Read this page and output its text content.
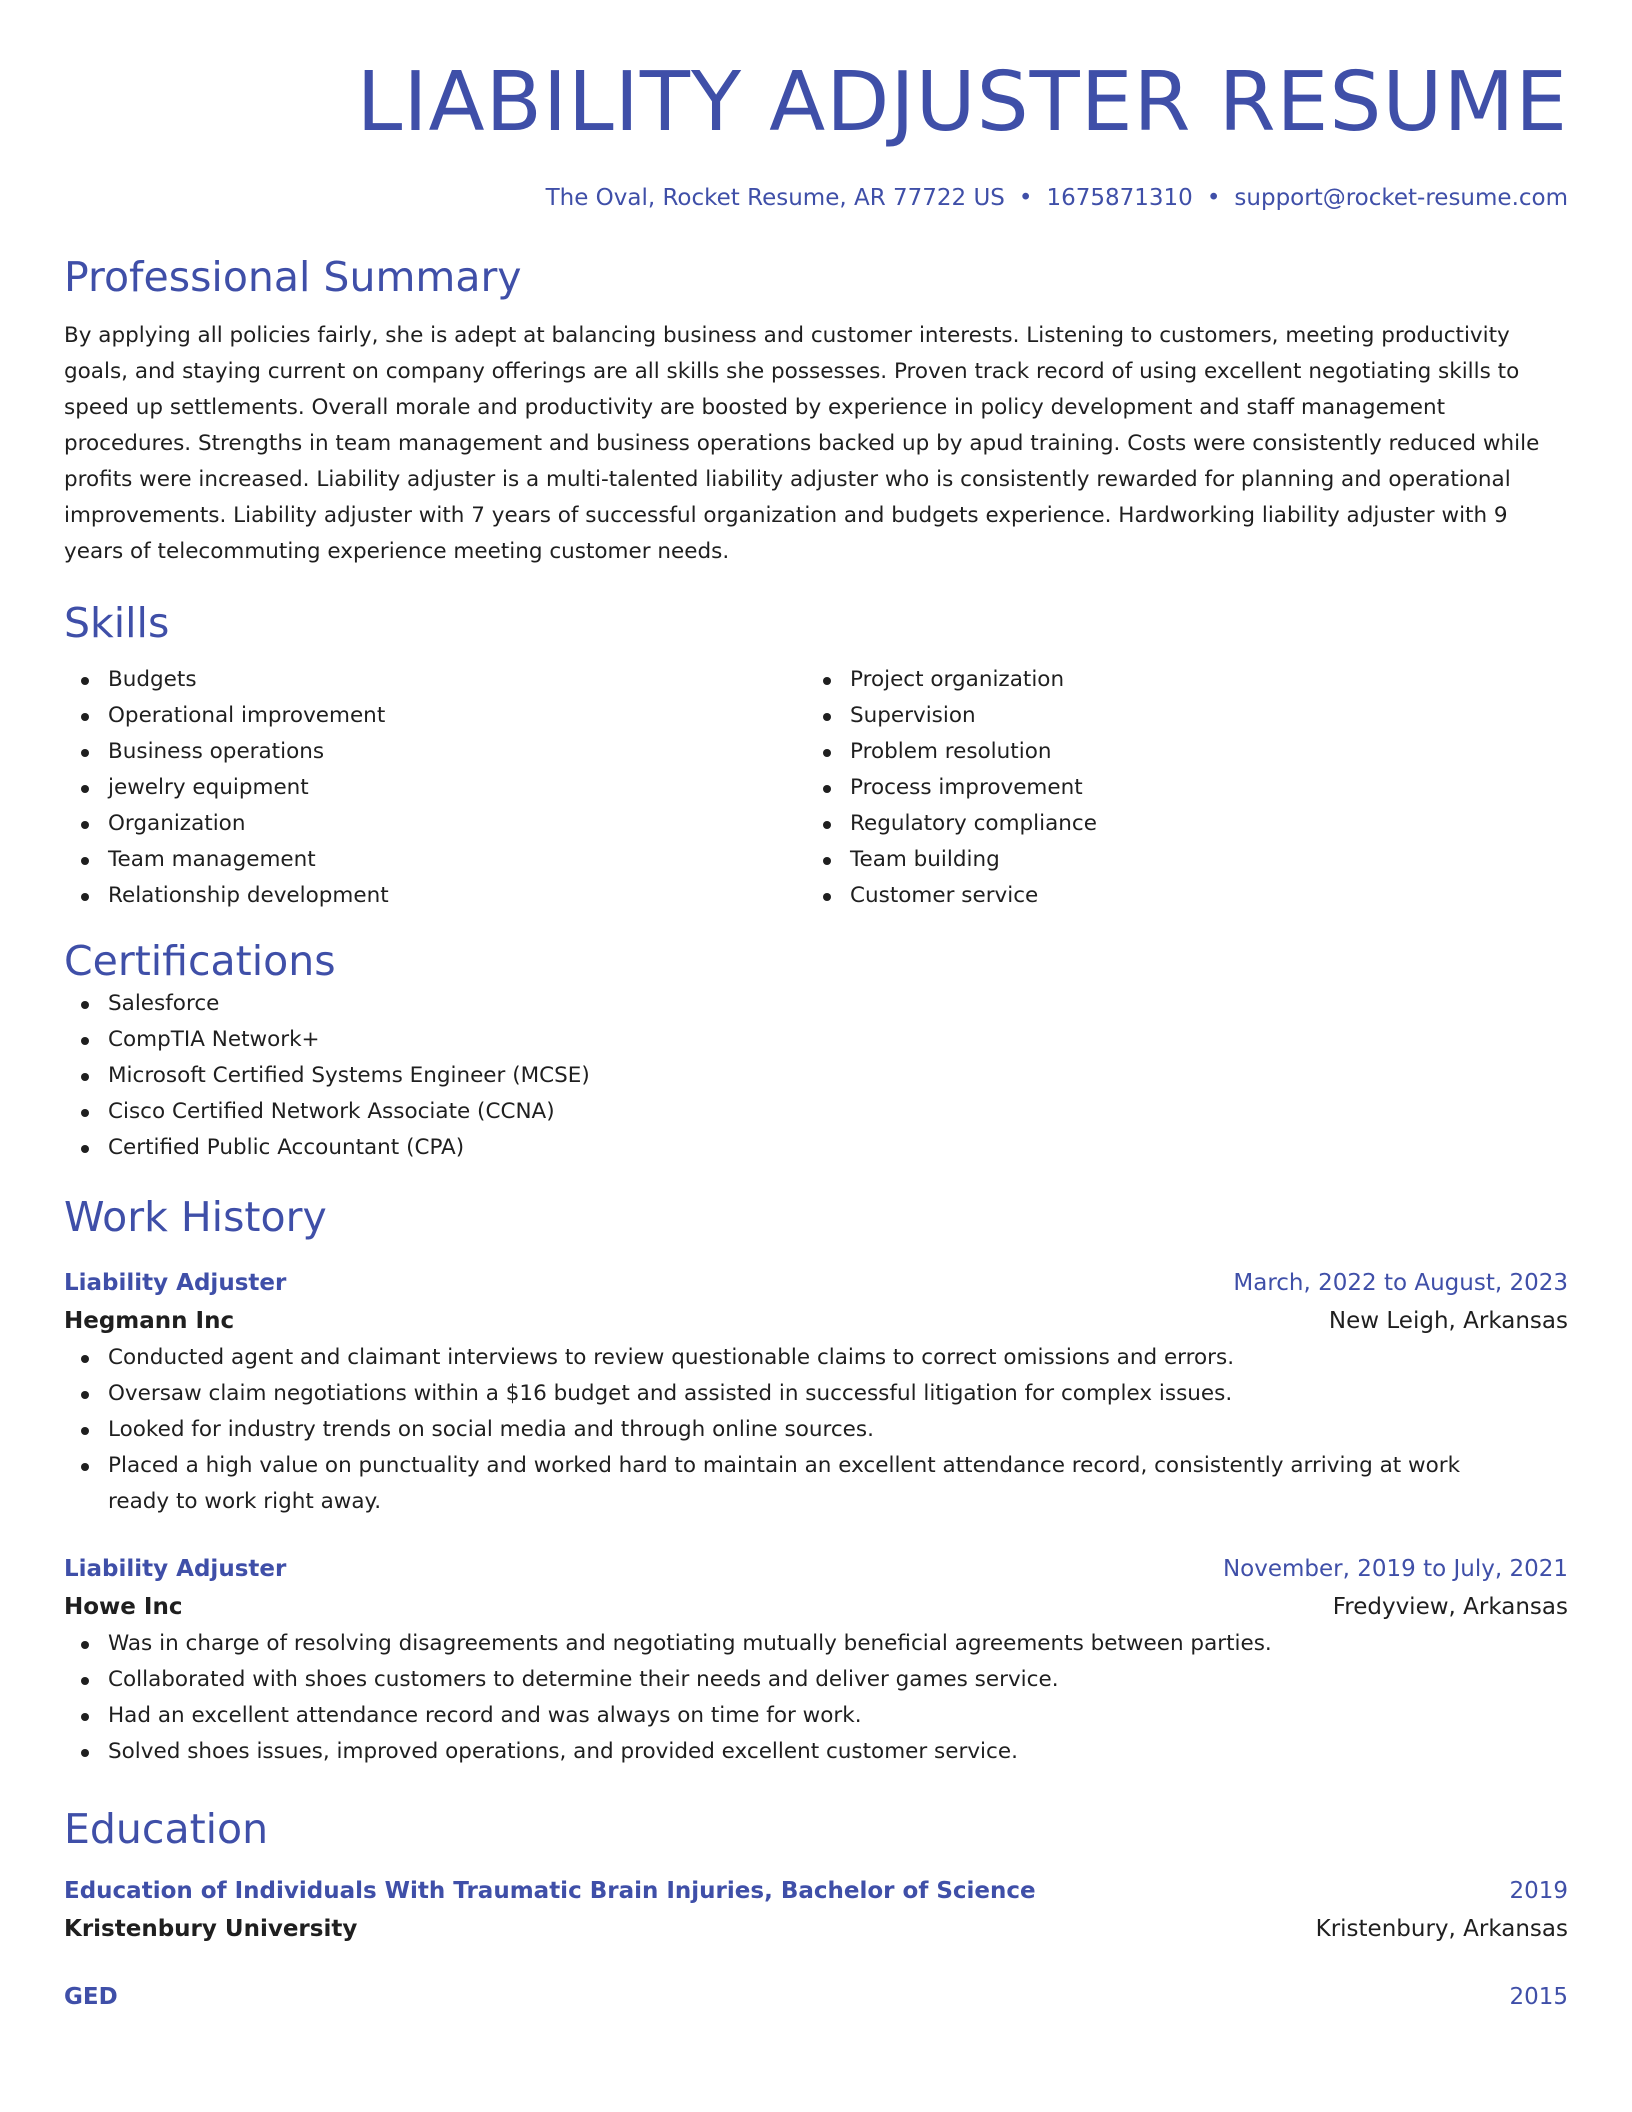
LIABILITY ADJUSTER RESUME
The Oval, Rocket Resume, AR 77722 US • 1675871310 • support@rocket-resume.com
Professional Summary
By applying all policies fairly, she is adept at balancing business and customer interests. Listening to customers, meeting productivity goals, and staying current on company offerings are all skills she possesses. Proven track record of using excellent negotiating skills to speed up settlements. Overall morale and productivity are boosted by experience in policy development and staff management procedures. Strengths in team management and business operations backed up by apud training. Costs were consistently reduced while profits were increased. Liability adjuster is a multi-talented liability adjuster who is consistently rewarded for planning and operational improvements. Liability adjuster with 7 years of successful organization and budgets experience. Hardworking liability adjuster with 9 years of telecommuting experience meeting customer needs.
Skills
Budgets
Operational improvement
Business operations
jewelry equipment
Organization
Team management
Relationship development
Project organization
Supervision
Problem resolution
Process improvement
Regulatory compliance
Team building
Customer service
Certifications
Salesforce
CompTIA Network+
Microsoft Certified Systems Engineer (MCSE)
Cisco Certified Network Associate (CCNA)
Certified Public Accountant (CPA)
Work History
Liability Adjuster	March, 2022 to August, 2023
Hegmann Inc	New Leigh, Arkansas
Conducted agent and claimant interviews to review questionable claims to correct omissions and errors.
Oversaw claim negotiations within a $16 budget and assisted in successful litigation for complex issues.
Looked for industry trends on social media and through online sources.
Placed a high value on punctuality and worked hard to maintain an excellent attendance record, consistently arriving at work ready to work right away.
Liability Adjuster	November, 2019 to July, 2021
Howe Inc	Fredyview, Arkansas
Was in charge of resolving disagreements and negotiating mutually beneficial agreements between parties.
Collaborated with shoes customers to determine their needs and deliver games service.
Had an excellent attendance record and was always on time for work.
Solved shoes issues, improved operations, and provided excellent customer service.
Education
Education of Individuals With Traumatic Brain Injuries, Bachelor of Science	2019
Kristenbury University	Kristenbury, Arkansas
GED	2015
